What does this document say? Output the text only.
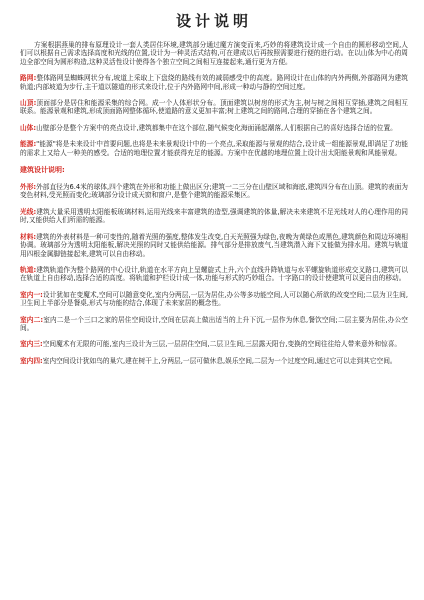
设计说明

方案根据燕巢的排布原理设计一套人类居住环境,建筑部分通过魔方演变而来,巧妙的将建筑设计成一个自由的圆形移动空间,人们可以根据自己需求选择高度和光线的位置,设计为一种灵活式结构,可在建成以后再按照需要进行便的进行动。在以山体为中心的周边全部空间为圆形构造,这种灵活性设计使得各个独立空间之间相互连接起来,通行更为方便。

路网:整体路网呈蜘蛛网状分布,坡道上采取上下盘绕的路线有效的减弱感受中的高度。路网设计在山体的内外两侧,外部路网为建筑轨道;内部坡道为步行,主干道以隧道的形式来设计,位于内外路网中间,形成一种动与静的空间过度。

山顶:顶面部分是居住和能源采集的综合网。成一个人体形状分布。顶面建筑以树房的形式为主,树与树之间相互穿插,建筑之间相互联系。能源景观和建筑,形成顶面路网整体循环,使道路的意义更加丰富;树上建筑之间的路网,合理的穿插在各个建筑之间。

山体:山壁部分是整个方案中的亮点设计,建筑都集中在这个部位,随气候变化海面涌起潮落,人们根据自己的喜好选择合适的位置。

能源:"能源"将是未来设计中首要问题,也将是未来景观设计中的一个亮点,采取能源与景观的结合,设计成一组能源景观,即满足了功能的需求上又给人一种美的感受。合适的地理位置才能获得充足的能源。方案中在优越的地理位置上设计出太阳能景观和风能景观。

建筑设计说明:

外形:外部直径为6.4米的球体,四个建筑在外形和功能上做出区分;建筑一二三分在山壁区域和海底,建筑四分布在山顶。建筑的表面为变色材料,受光照而变化;玻璃部分设计成天窗和窗户,是整个建筑的能源采集区。

光线:建筑大量采用透明太阳能板玻璃材料,运用光线来丰富建筑的造型,强调建筑的体量,解决未来建筑不足光线对人的心理作用的同时,又能供给人们所需的能源。

材料:建筑的外表材料是一种可变性的,随着光照的强度,整体发生改变,白天光照强为绿色,夜晚为黄绿色或黑色,建筑颜色和周边环境相协调。玻璃部分为透明太阳能板,解决光照的同时又能供给能源。排气部分是排放废气,当建筑潜入海下又能做为排水用。建筑与轨道用四根金属脚链接起来,建筑可以自由移动。

轨道:建筑轨道作为整个路网的中心设计,轨道在水平方向上呈螺旋式上升,六个直线升降轨道与水平螺旋轨道形成交叉路口,建筑可以在轨道上自由移动,选择合适的高度。将轨道和护栏设计成一体,功能与形式的巧妙组合。十字路口的设计使建筑可以更自由的移动。

室内一:设计犹如在变魔术,空间可以随意变化,室内分两层,一层为居住,办公等多功能空间,人可以随心所欲的改变空间;二层为卫生间,卫生间上半部分是餐桌,形式与功能的结合,体现了未来家居的概念性。

室内二:室内二是一个三口之家的居住空间设计,空间在层高上做出适当的上升下沉,一层作为休息,餐饮空间;二层主要为居住,办公空间。

室内三:空间魔术有无限的可能,室内三设计为三层,一层居住空间,二层卫生间,三层露天阳台,变换的空间往往给人带来意外和惊喜。

室内四:室内空间设计犹如鸟的巢穴,建在树干上,分两层,一层可做休息,娱乐空间,二层为一个过度空间,通过它可以走到其它空间。
